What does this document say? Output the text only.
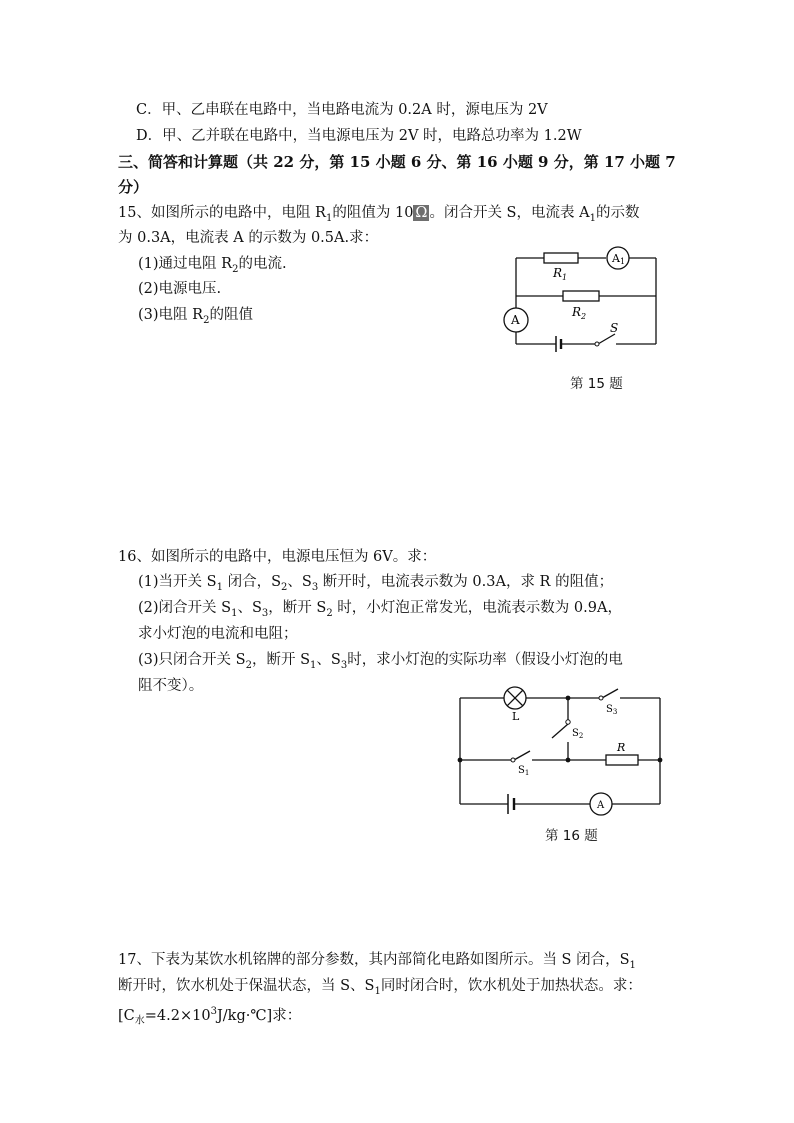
C．甲、乙串联在电路中，当电路电流为 0.2A 时，源电压为 2V
D．甲、乙并联在电路中，当电源电压为 2V 时，电路总功率为 1.2W
三、简答和计算题（共 22 分，第 15 小题 6 分、第 16 小题 9 分，第 17 小题 7
分）
15、如图所示的电路中，电阻 $R_1$的阻值为 10 Ω 。闭合开关 S，电流表 $A_1$的示数
为 0.3A，电流表 A 的示数为 0.5A.求：
(1)通过电阻 $R_2$的电流.
(2)电源电压.
(3)电阻 $R_2$的阻值
$R_1$
$R_2$
A1
A
S
第 15 题
16、如图所示的电路中，电源电压恒为 6V。求：
(1)当开关 $S_1$ 闭合，$S_2$、$S_3$ 断开时，电流表示数为 0.3A，求 R 的阻值；
(2)闭合开关 $S_1$、$S_3$，断开 $S_2$ 时，小灯泡正常发光，电流表示数为 0.9A，
求小灯泡的电流和电阻；
(3)只闭合开关 $S_2$，断开 $S_1$、$S_3$时，求小灯泡的实际功率（假设小灯泡的电
阻不变）。
L
$S_3$
$S_2$
$S_1$
R
A
第 16 题
17、下表为某饮水机铭牌的部分参数，其内部简化电路如图所示。当 S 闭合，$S_1$
断开时，饮水机处于保温状态，当 S、$S_1$同时闭合时，饮水机处于加热状态。求：
$[C_水=4.2\times 10^3J/kg\cdot℃]$求：
